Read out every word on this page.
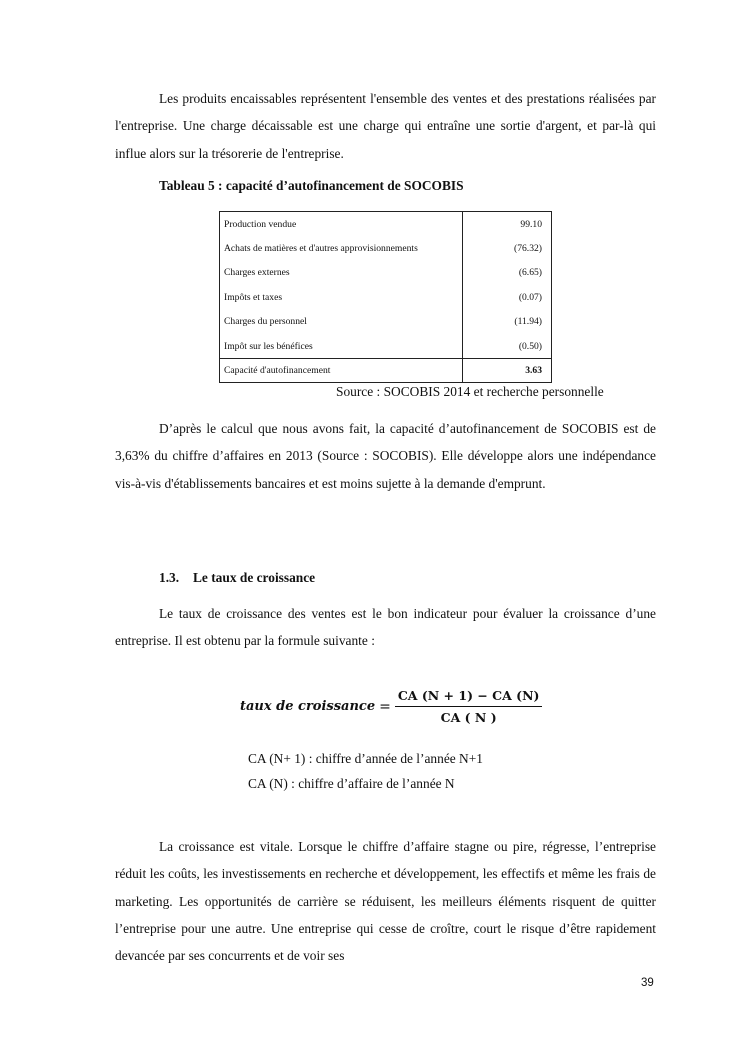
Les produits encaissables représentent l'ensemble des ventes et des prestations réalisées par l'entreprise. Une charge décaissable est une charge qui entraîne une sortie d'argent, et par-là qui influe alors sur la trésorerie de l'entreprise.

Tableau 5 : capacité d’autofinancement de SOCOBIS

Production vendue	99.10
Achats de matières et d'autres approvisionnements	(76.32)
Charges externes	(6.65)
Impôts et taxes	(0.07)
Charges du personnel	(11.94)
Impôt sur les bénéfices	(0.50)
Capacité d'autofinancement	3.63

Source : SOCOBIS 2014 et recherche personnelle

D’après le calcul que nous avons fait, la capacité d’autofinancement de SOCOBIS est de 3,63% du chiffre d’affaires en 2013 (Source : SOCOBIS). Elle développe alors une indépendance vis-à-vis d'établissements bancaires et est moins sujette à la demande d'emprunt.

1.3. Le taux de croissance

Le taux de croissance des ventes est le bon indicateur pour évaluer la croissance d’une entreprise. Il est obtenu par la formule suivante :

taux de croissance = $\frac{CA (N + 1) - CA (N)}{CA ( N )}$

CA (N+ 1) : chiffre d’année de l’année N+1

CA (N) : chiffre d’affaire de l’année N

La croissance est vitale. Lorsque le chiffre d’affaire stagne ou pire, régresse, l’entreprise réduit les coûts, les investissements en recherche et développement, les effectifs et même les frais de marketing. Les opportunités de carrière se réduisent, les meilleurs éléments risquent de quitter l’entreprise pour une autre. Une entreprise qui cesse de croître, court le risque d’être rapidement devancée par ses concurrents et de voir ses

39
